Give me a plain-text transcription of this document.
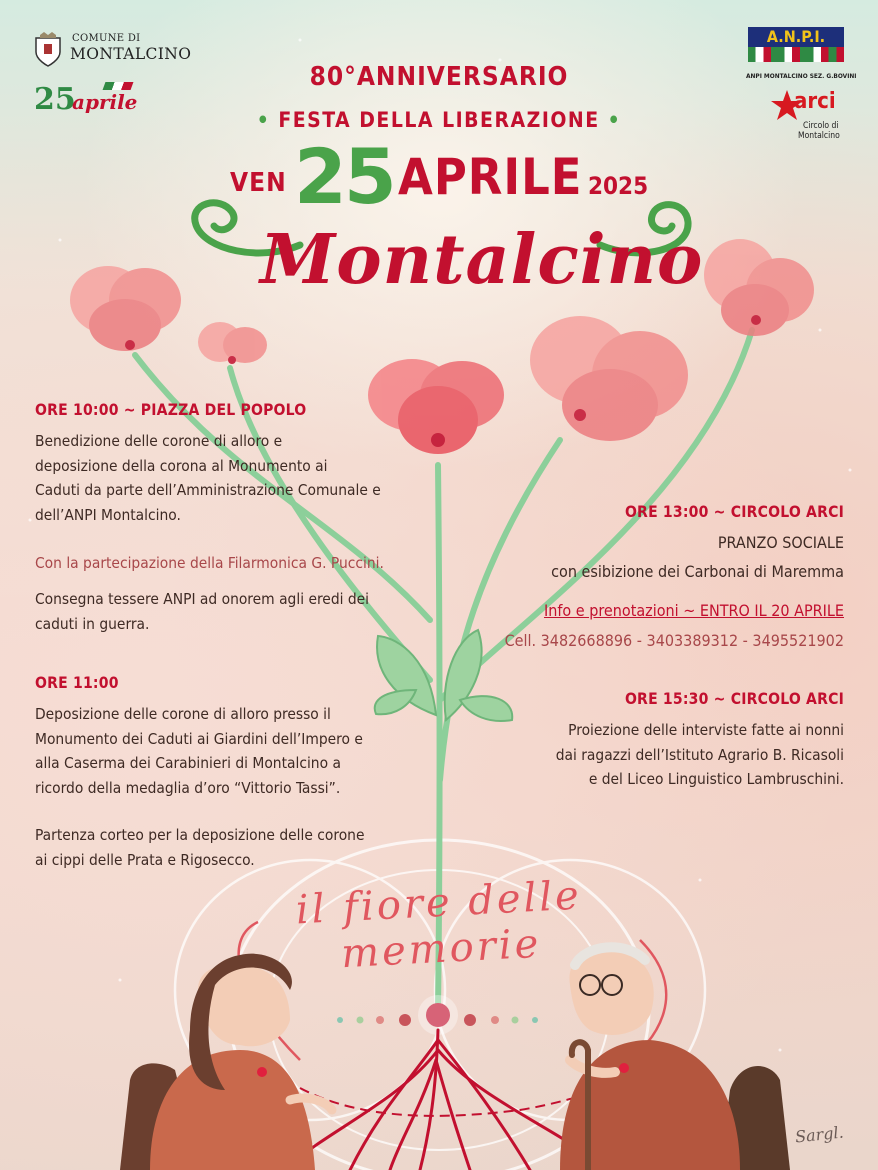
COMUNE DI
MONTALCINO
25
aprile
A.N.P.I.
ANPI MONTALCINO SEZ. G.BOVINI
arci
Circolo di
Montalcino
80°ANNIVERSARIO
• FESTA DELLA LIBERAZIONE •
VEN 25 APRILE 2025
Montalcino
ORE 10:00 ~ PIAZZA DEL POPOLO
Benedizione delle corone di alloro e
deposizione della corona al Monumento ai
Caduti da parte dell’Amministrazione Comunale e
dell’ANPI Montalcino.
Con la partecipazione della Filarmonica G. Puccini.
Consegna tessere ANPI ad onorem agli eredi dei
caduti in guerra.
ORE 11:00
Deposizione delle corone di alloro presso il
Monumento dei Caduti ai Giardini dell’Impero e
alla Caserma dei Carabinieri di Montalcino a
ricordo della medaglia d’oro “Vittorio Tassi”.
Partenza corteo per la deposizione delle corone
ai cippi delle Prata e Rigosecco.
ORE 13:00 ~ CIRCOLO ARCI
PRANZO SOCIALE
con esibizione dei Carbonai di Maremma
Info e prenotazioni ~ ENTRO IL 20 APRILE
Cell. 3482668896 - 3403389312 - 3495521902
ORE 15:30 ~ CIRCOLO ARCI
Proiezione delle interviste fatte ai nonni
dai ragazzi dell’Istituto Agrario B. Ricasoli
e del Liceo Linguistico Lambruschini.
il fiore delle memorie
Sargl.
